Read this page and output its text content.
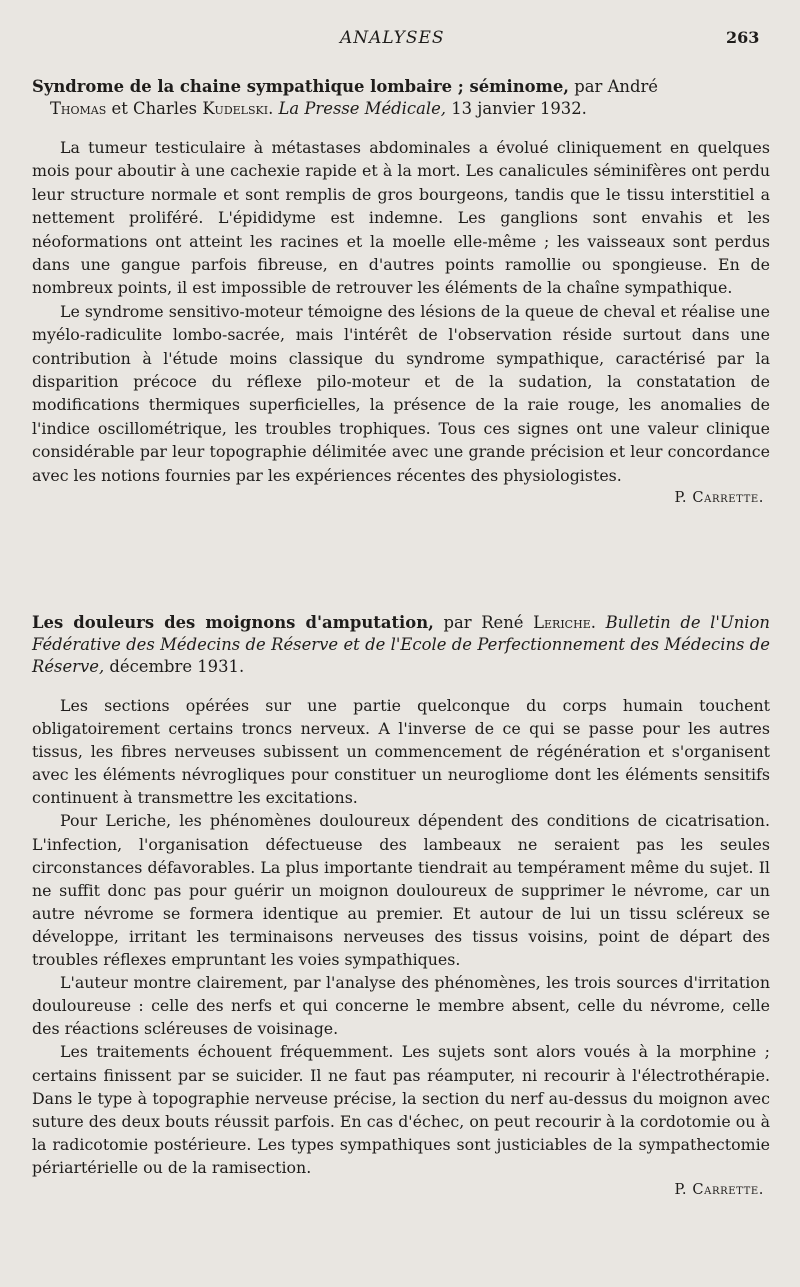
ANALYSES	263

Syndrome de la chaine sympathique lombaire ; séminome, par André
Thomas et Charles Kudelski. La Presse Médicale, 13 janvier 1932.

La tumeur testiculaire à métastases abdominales a évolué cliniquement en quelques mois pour aboutir à une cachexie rapide et à la mort. Les canalicules séminifères ont perdu leur structure normale et sont remplis de gros bourgeons, tandis que le tissu interstitiel a nettement proliféré. L'épididyme est indemne. Les ganglions sont envahis et les néoformations ont atteint les racines et la moelle elle-même ; les vaisseaux sont perdus dans une gangue parfois fibreuse, en d'autres points ramollie ou spongieuse. En de nombreux points, il est impossible de retrouver les éléments de la chaîne sympathique.

Le syndrome sensitivo-moteur témoigne des lésions de la queue de cheval et réalise une myélo-radiculite lombo-sacrée, mais l'intérêt de l'observation réside surtout dans une contribution à l'étude moins classique du syndrome sympathique, caractérisé par la disparition précoce du réflexe pilo-moteur et de la sudation, la constatation de modifications thermiques superficielles, la présence de la raie rouge, les anomalies de l'indice oscillométrique, les troubles trophiques. Tous ces signes ont une valeur clinique considérable par leur topographie délimitée avec une grande précision et leur concordance avec les notions fournies par les expériences récentes des physiologistes.

P. Carrette.

Les douleurs des moignons d'amputation, par René Leriche. Bulletin de l'Union Fédérative des Médecins de Réserve et de l'Ecole de Perfectionnement des Médecins de Réserve, décembre 1931.

Les sections opérées sur une partie quelconque du corps humain touchent obligatoirement certains troncs nerveux. A l'inverse de ce qui se passe pour les autres tissus, les fibres nerveuses subissent un commencement de régénération et s'organisent avec les éléments névrogliques pour constituer un neurogliome dont les éléments sensitifs continuent à transmettre les excitations.

Pour Leriche, les phénomènes douloureux dépendent des conditions de cicatrisation. L'infection, l'organisation défectueuse des lambeaux ne seraient pas les seules circonstances défavorables. La plus importante tiendrait au tempérament même du sujet. Il ne suffit donc pas pour guérir un moignon douloureux de supprimer le névrome, car un autre névrome se formera identique au premier. Et autour de lui un tissu scléreux se développe, irritant les terminaisons nerveuses des tissus voisins, point de départ des troubles réflexes empruntant les voies sympathiques.

L'auteur montre clairement, par l'analyse des phénomènes, les trois sources d'irritation douloureuse : celle des nerfs et qui concerne le membre absent, celle du névrome, celle des réactions scléreuses de voisinage.

Les traitements échouent fréquemment. Les sujets sont alors voués à la morphine ; certains finissent par se suicider. Il ne faut pas réamputer, ni recourir à l'électrothérapie. Dans le type à topographie nerveuse précise, la section du nerf au-dessus du moignon avec suture des deux bouts réussit parfois. En cas d'échec, on peut recourir à la cordotomie ou à la radicotomie postérieure. Les types sympathiques sont justiciables de la sympathectomie périartérielle ou de la ramisection.

P. Carrette.
